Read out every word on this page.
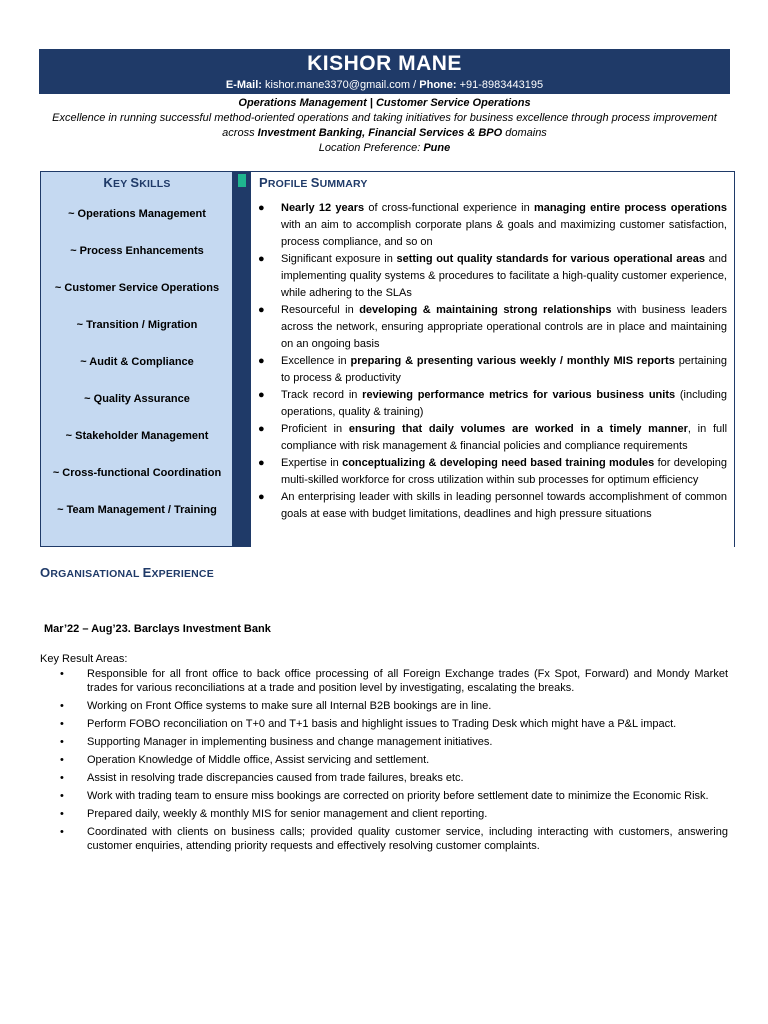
KISHOR MANE
E-Mail: kishor.mane3370@gmail.com / Phone: +91-8983443195
Operations Management | Customer Service Operations
Excellence in running successful method-oriented operations and taking initiatives for business excellence through process improvement across Investment Banking, Financial Services & BPO domains
Location Preference: Pune
KEY SKILLS
~ Operations Management
~ Process Enhancements
~ Customer Service Operations
~ Transition / Migration
~ Audit & Compliance
~ Quality Assurance
~ Stakeholder Management
~ Cross-functional Coordination
~ Team Management / Training
PROFILE SUMMARY
● Nearly 12 years of cross-functional experience in managing entire process operations with an aim to accomplish corporate plans & goals and maximizing customer satisfaction, process compliance, and so on
● Significant exposure in setting out quality standards for various operational areas and implementing quality systems & procedures to facilitate a high-quality customer experience, while adhering to the SLAs
● Resourceful in developing & maintaining strong relationships with business leaders across the network, ensuring appropriate operational controls are in place and maintaining on an ongoing basis
● Excellence in preparing & presenting various weekly / monthly MIS reports pertaining to process & productivity
● Track record in reviewing performance metrics for various business units (including operations, quality & training)
● Proficient in ensuring that daily volumes are worked in a timely manner, in full compliance with risk management & financial policies and compliance requirements
● Expertise in conceptualizing & developing need based training modules for developing multi-skilled workforce for cross utilization within sub processes for optimum efficiency
● An enterprising leader with skills in leading personnel towards accomplishment of common goals at ease with budget limitations, deadlines and high pressure situations
ORGANISATIONAL EXPERIENCE
Mar’22 – Aug’23. Barclays Investment Bank
Key Result Areas:
• Responsible for all front office to back office processing of all Foreign Exchange trades (Fx Spot, Forward) and Mondy Market trades for various reconciliations at a trade and position level by investigating, escalating the breaks.
• Working on Front Office systems to make sure all Internal B2B bookings are in line.
• Perform FOBO reconciliation on T+0 and T+1 basis and highlight issues to Trading Desk which might have a P&L impact.
• Supporting Manager in implementing business and change management initiatives.
• Operation Knowledge of Middle office, Assist servicing and settlement.
• Assist in resolving trade discrepancies caused from trade failures, breaks etc.
• Work with trading team to ensure miss bookings are corrected on priority before settlement date to minimize the Economic Risk.
• Prepared daily, weekly & monthly MIS for senior management and client reporting.
• Coordinated with clients on business calls; provided quality customer service, including interacting with customers, answering customer enquiries, attending priority requests and effectively resolving customer complaints.
